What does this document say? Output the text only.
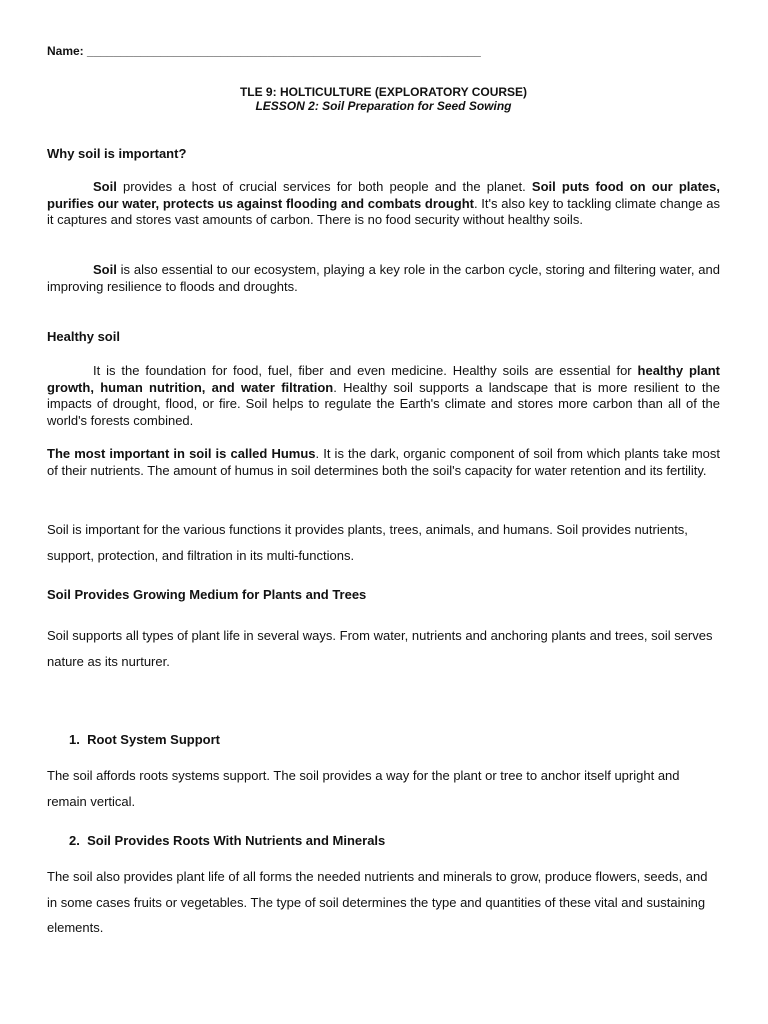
Name: ___________________________________________________________
TLE 9: HOLTICULTURE (EXPLORATORY COURSE)
LESSON 2: Soil Preparation for Seed Sowing
Why soil is important?
Soil provides a host of crucial services for both people and the planet. Soil puts food on our plates, purifies our water, protects us against flooding and combats drought. It's also key to tackling climate change as it captures and stores vast amounts of carbon. There is no food security without healthy soils.
Soil is also essential to our ecosystem, playing a key role in the carbon cycle, storing and filtering water, and improving resilience to floods and droughts.
Healthy soil
It is the foundation for food, fuel, fiber and even medicine. Healthy soils are essential for healthy plant growth, human nutrition, and water filtration. Healthy soil supports a landscape that is more resilient to the impacts of drought, flood, or fire. Soil helps to regulate the Earth's climate and stores more carbon than all of the world's forests combined.
The most important in soil is called Humus. It is the dark, organic component of soil from which plants take most of their nutrients. The amount of humus in soil determines both the soil's capacity for water retention and its fertility.
Soil is important for the various functions it provides plants, trees, animals, and humans. Soil provides nutrients, support, protection, and filtration in its multi-functions.
Soil Provides Growing Medium for Plants and Trees
Soil supports all types of plant life in several ways. From water, nutrients and anchoring plants and trees, soil serves nature as its nurturer.
1. Root System Support
The soil affords roots systems support. The soil provides a way for the plant or tree to anchor itself upright and remain vertical.
2. Soil Provides Roots With Nutrients and Minerals
The soil also provides plant life of all forms the needed nutrients and minerals to grow, produce flowers, seeds, and in some cases fruits or vegetables. The type of soil determines the type and quantities of these vital and sustaining elements.
